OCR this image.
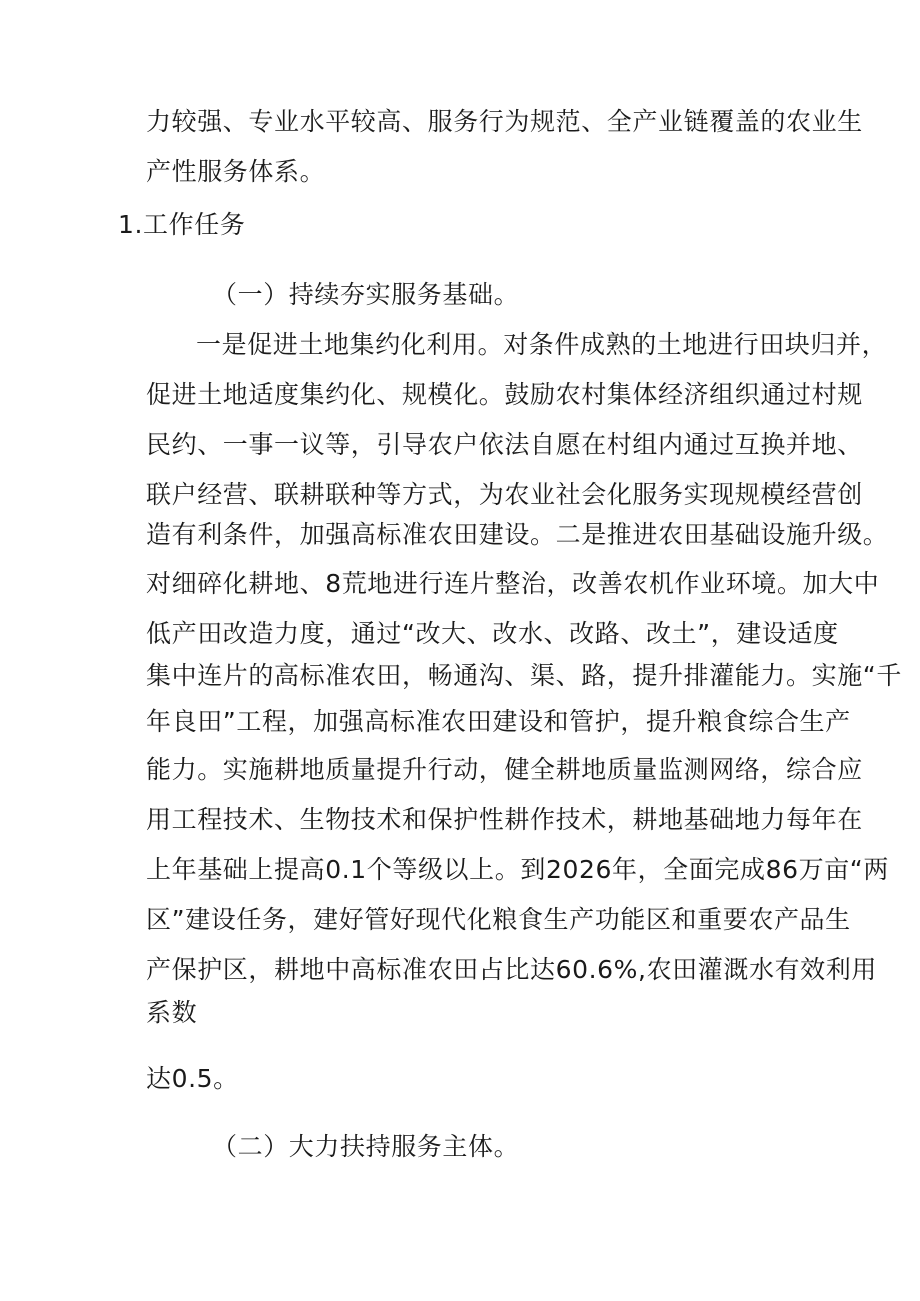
力较强、专业水平较高、服务行为规范、全产业链覆盖的农业生
产性服务体系。
1.工作任务
（一）持续夯实服务基础。
一是促进土地集约化利用。对条件成熟的土地进行田块归并，
促进土地适度集约化、规模化。鼓励农村集体经济组织通过村规
民约、一事一议等，引导农户依法自愿在村组内通过互换并地、
联户经营、联耕联种等方式，为农业社会化服务实现规模经营创
造有利条件，加强高标准农田建设。二是推进农田基础设施升级。
对细碎化耕地、8荒地进行连片整治，改善农机作业环境。加大中
低产田改造力度，通过“改大、改水、改路、改土”，建设适度
集中连片的高标准农田，畅通沟、渠、路，提升排灌能力。实施“千
年良田”工程，加强高标准农田建设和管护，提升粮食综合生产
能力。实施耕地质量提升行动，健全耕地质量监测网络，综合应
用工程技术、生物技术和保护性耕作技术，耕地基础地力每年在
上年基础上提高0.1个等级以上。到2026年，全面完成86万亩“两
区”建设任务，建好管好现代化粮食生产功能区和重要农产品生
产保护区，耕地中高标准农田占比达60.6%,农田灌溉水有效利用
系数
达0.5。
（二）大力扶持服务主体。
